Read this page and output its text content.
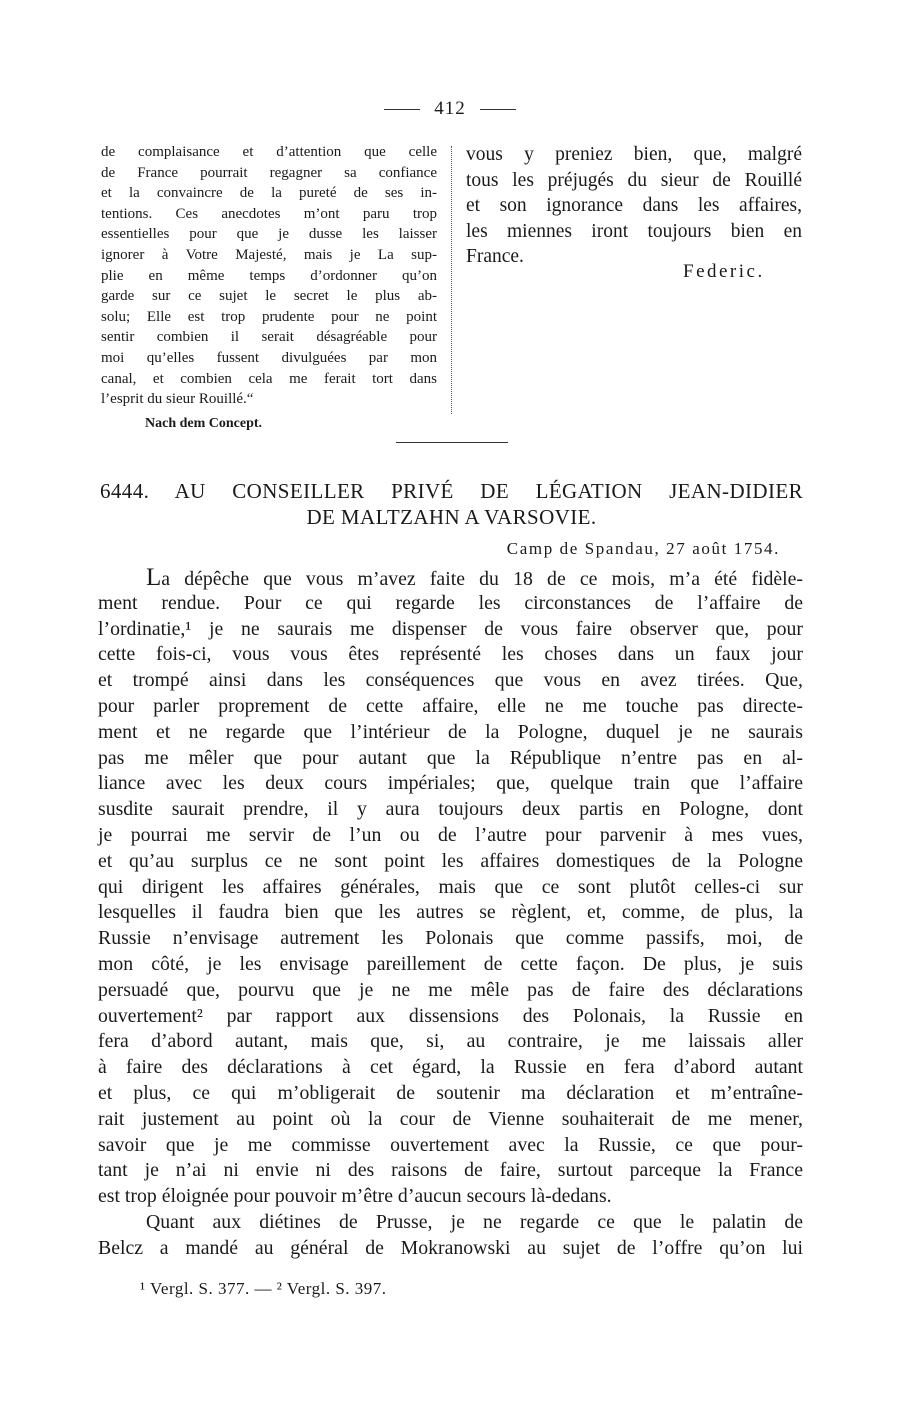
412
de complaisance et d’attention que celle
de France pourrait regagner sa confiance
et la convaincre de la pureté de ses in-
tentions. Ces anecdotes m’ont paru trop
essentielles pour que je dusse les laisser
ignorer à Votre Majesté, mais je La sup-
plie en même temps d’ordonner qu’on
garde sur ce sujet le secret le plus ab-
solu; Elle est trop prudente pour ne point
sentir combien il serait désagréable pour
moi qu’elles fussent divulguées par mon
canal, et combien cela me ferait tort dans
l’esprit du sieur Rouillé.“
Nach dem Concept.
vous y preniez bien, que, malgré
tous les préjugés du sieur de Rouillé
et son ignorance dans les affaires,
les miennes iront toujours bien en
France.
Federic.
6444. AU CONSEILLER PRIVÉ DE LÉGATION JEAN-DIDIER
DE MALTZAHN A VARSOVIE.
Camp de Spandau, 27 août 1754.
La dépêche que vous m’avez faite du 18 de ce mois, m’a été fidèle-
ment rendue. Pour ce qui regarde les circonstances de l’affaire de
l’ordinatie,¹ je ne saurais me dispenser de vous faire observer que, pour
cette fois-ci, vous vous êtes représenté les choses dans un faux jour
et trompé ainsi dans les conséquences que vous en avez tirées. Que,
pour parler proprement de cette affaire, elle ne me touche pas directe-
ment et ne regarde que l’intérieur de la Pologne, duquel je ne saurais
pas me mêler que pour autant que la République n’entre pas en al-
liance avec les deux cours impériales; que, quelque train que l’affaire
susdite saurait prendre, il y aura toujours deux partis en Pologne, dont
je pourrai me servir de l’un ou de l’autre pour parvenir à mes vues,
et qu’au surplus ce ne sont point les affaires domestiques de la Pologne
qui dirigent les affaires générales, mais que ce sont plutôt celles-ci sur
lesquelles il faudra bien que les autres se règlent, et, comme, de plus, la
Russie n’envisage autrement les Polonais que comme passifs, moi, de
mon côté, je les envisage pareillement de cette façon. De plus, je suis
persuadé que, pourvu que je ne me mêle pas de faire des déclarations
ouvertement² par rapport aux dissensions des Polonais, la Russie en
fera d’abord autant, mais que, si, au contraire, je me laissais aller
à faire des déclarations à cet égard, la Russie en fera d’abord autant
et plus, ce qui m’obligerait de soutenir ma déclaration et m’entraîne-
rait justement au point où la cour de Vienne souhaiterait de me mener,
savoir que je me commisse ouvertement avec la Russie, ce que pour-
tant je n’ai ni envie ni des raisons de faire, surtout parceque la France
est trop éloignée pour pouvoir m’être d’aucun secours là-dedans.
Quant aux diétines de Prusse, je ne regarde ce que le palatin de
Belcz a mandé au général de Mokranowski au sujet de l’offre qu’on lui
¹ Vergl. S. 377. — ² Vergl. S. 397.
